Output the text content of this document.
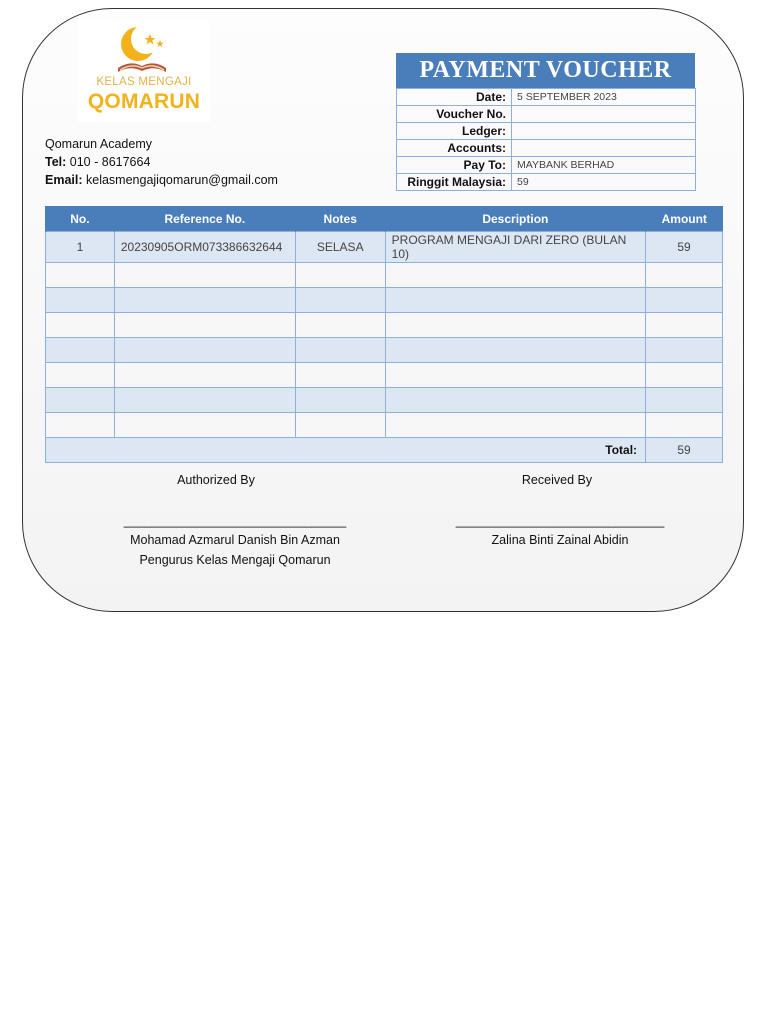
KELAS MENGAJI
QOMARUN
Qomarun Academy
Tel: 010 - 8617664
Email: kelasmengajiqomarun@gmail.com
PAYMENT VOUCHER
Date:	5 SEPTEMBER 2023
Voucher No.	
Ledger:	
Accounts:	
Pay To:	MAYBANK BERHAD
Ringgit Malaysia:	59
No.	Reference No.	Notes	Description	Amount
1	20230905ORM073386632644	SELASA	PROGRAM MENGAJI DARI ZERO (BULAN 10)	59

Total:				59
Authorized By
________________________________
Mohamad Azmarul Danish Bin Azman
Pengurus Kelas Mengaji Qomarun
Received By
______________________________
Zalina Binti Zainal Abidin
